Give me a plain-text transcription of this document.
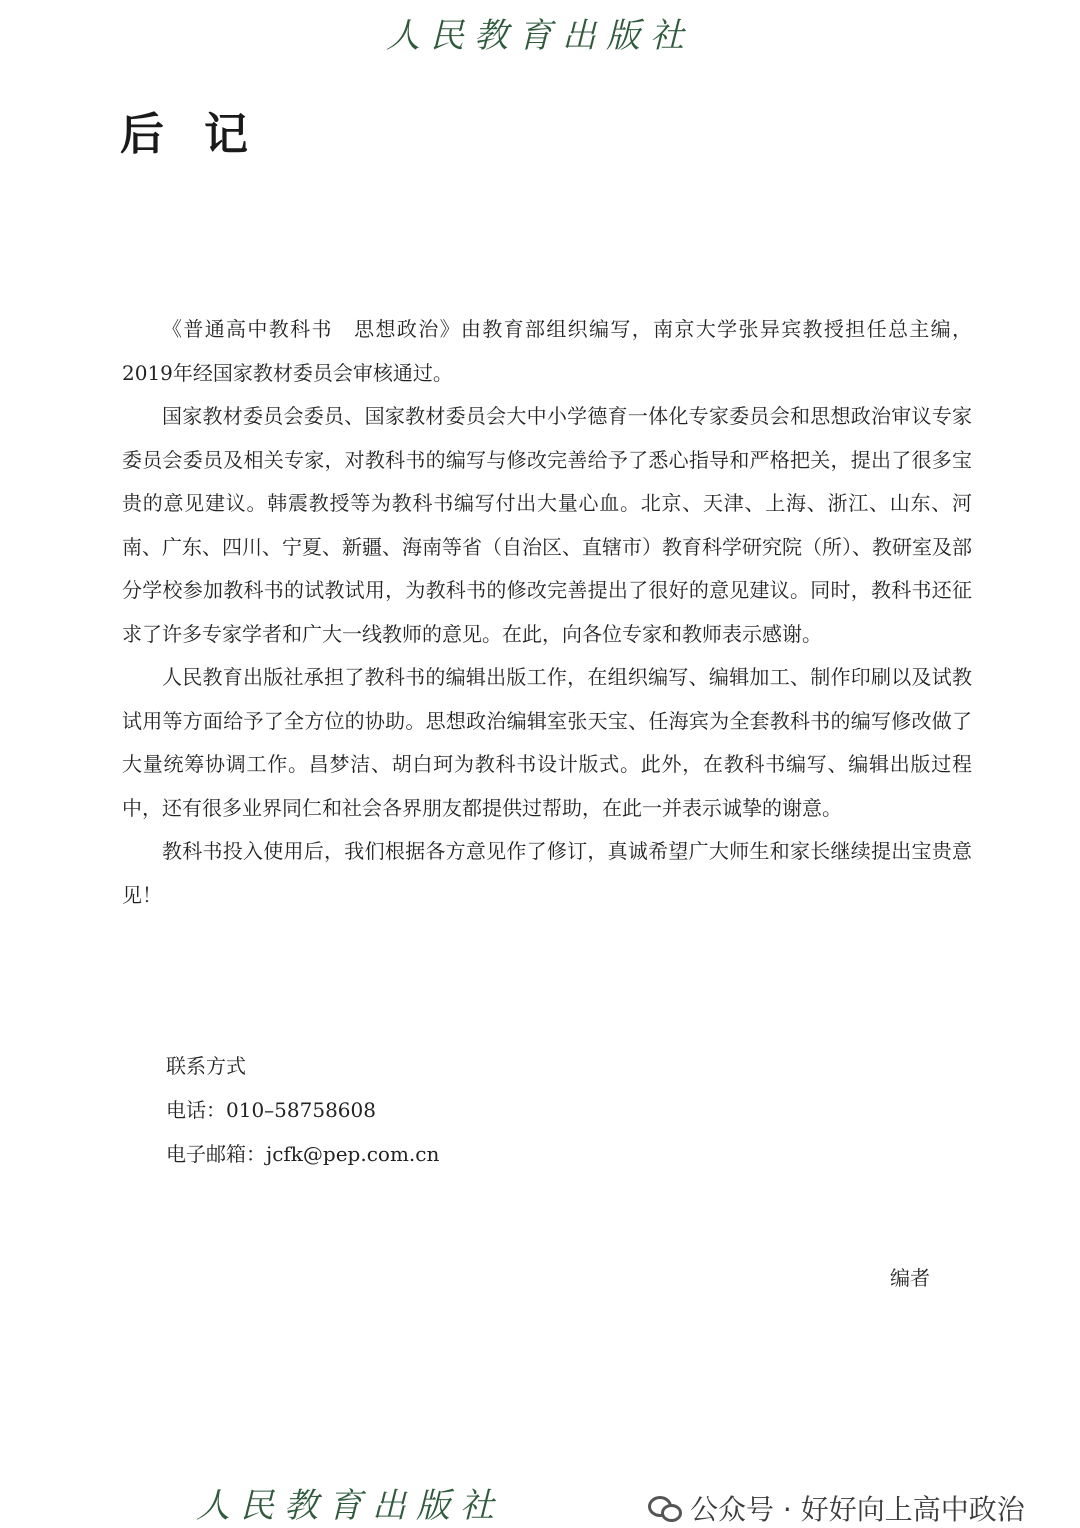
人民教育出版社
后记

《普通高中教科书　思想政治》由教育部组织编写，南京大学张异宾教授担任总主编，2019年经国家教材委员会审核通过。

国家教材委员会委员、国家教材委员会大中小学德育一体化专家委员会和思想政治审议专家委员会委员及相关专家，对教科书的编写与修改完善给予了悉心指导和严格把关，提出了很多宝贵的意见建议。韩震教授等为教科书编写付出大量心血。北京、天津、上海、浙江、山东、河南、广东、四川、宁夏、新疆、海南等省（自治区、直辖市）教育科学研究院（所）、教研室及部分学校参加教科书的试教试用，为教科书的修改完善提出了很好的意见建议。同时，教科书还征求了许多专家学者和广大一线教师的意见。在此，向各位专家和教师表示感谢。

人民教育出版社承担了教科书的编辑出版工作，在组织编写、编辑加工、制作印刷以及试教试用等方面给予了全方位的协助。思想政治编辑室张天宝、任海宾为全套教科书的编写修改做了大量统筹协调工作。昌梦洁、胡白珂为教科书设计版式。此外，在教科书编写、编辑出版过程中，还有很多业界同仁和社会各界朋友都提供过帮助，在此一并表示诚挚的谢意。

教科书投入使用后，我们根据各方意见作了修订，真诚希望广大师生和家长继续提出宝贵意见！

联系方式
电话：010–58758608
电子邮箱：jcfk@pep.com.cn
编者
人民教育出版社	公众号 · 好好向上高中政治
